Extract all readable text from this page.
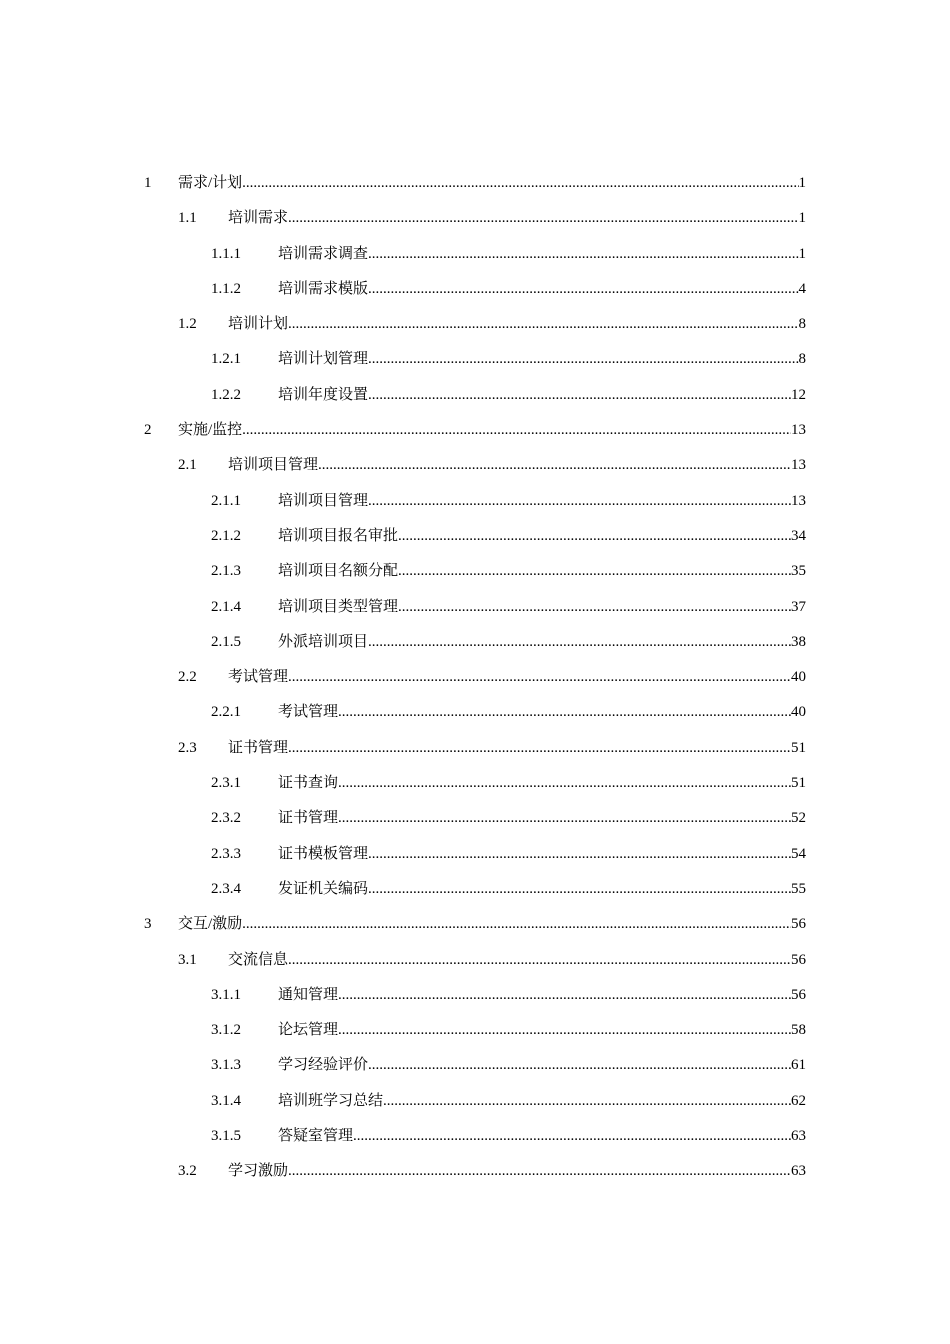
1 需求/计划 .....	1
1.1 培训需求 .....	1
1.1.1 培训需求调查 .....	1
1.1.2 培训需求模版 .....	4
1.2 培训计划 .....	8
1.2.1 培训计划管理 .....	8
1.2.2 培训年度设置 .....	12
2 实施/监控 .....	13
2.1 培训项目管理 .....	13
2.1.1 培训项目管理 .....	13
2.1.2 培训项目报名审批 .....	34
2.1.3 培训项目名额分配 .....	35
2.1.4 培训项目类型管理 .....	37
2.1.5 外派培训项目 .....	38
2.2 考试管理 .....	40
2.2.1 考试管理 .....	40
2.3 证书管理 .....	51
2.3.1 证书查询 .....	51
2.3.2 证书管理 .....	52
2.3.3 证书模板管理 .....	54
2.3.4 发证机关编码 .....	55
3 交互/激励 .....	56
3.1 交流信息 .....	56
3.1.1 通知管理 .....	56
3.1.2 论坛管理 .....	58
3.1.3 学习经验评价 .....	61
3.1.4 培训班学习总结 .....	62
3.1.5 答疑室管理 .....	63
3.2 学习激励 .....	63
